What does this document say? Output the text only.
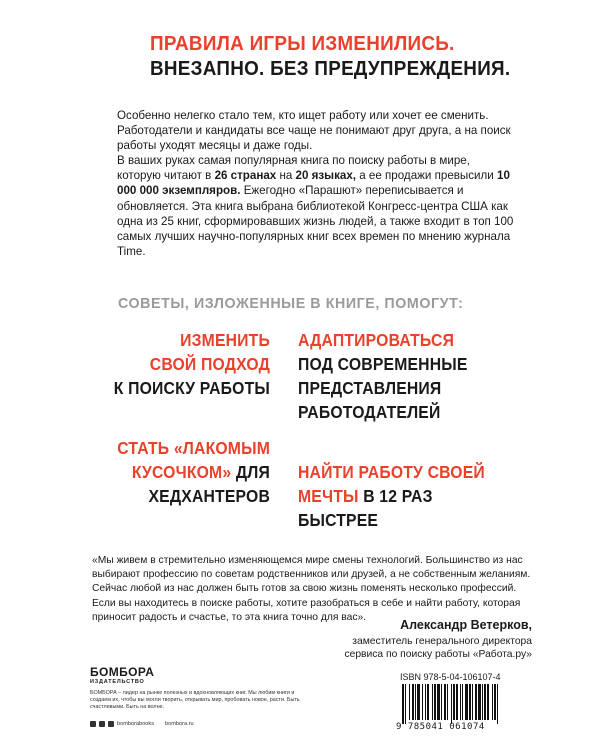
ПРАВИЛА ИГРЫ ИЗМЕНИЛИСЬ.
ВНЕЗАПНО. БЕЗ ПРЕДУПРЕЖДЕНИЯ.

Особенно нелегко стало тем, кто ищет работу или хочет ее сменить. Работодатели и кандидаты все чаще не понимают друг друга, а на поиск работы уходят месяцы и даже годы.

В ваших руках самая популярная книга по поиску работы в мире, которую читают в 26 странах на 20 языках, а ее продажи превысили 10 000 000 экземпляров. Ежегодно «Парашют» переписывается и обновляется. Эта книга выбрана библиотекой Конгресс-центра США как одна из 25 книг, сформировавших жизнь людей, а также входит в топ 100 самых лучших научно-популярных книг всех времен по мнению журнала Time.

СОВЕТЫ, ИЗЛОЖЕННЫЕ В КНИГЕ, ПОМОГУТ:
ИЗМЕНИТЬ
СВОЙ ПОДХОД
К ПОИСКУ РАБОТЫ
АДАПТИРОВАТЬСЯ
ПОД СОВРЕМЕННЫЕ
ПРЕДСТАВЛЕНИЯ
РАБОТОДАТЕЛЕЙ
СТАТЬ «ЛАКОМЫМ
КУСОЧКОМ» ДЛЯ
ХЕДХАНТЕРОВ
НАЙТИ РАБОТУ СВОЕЙ
МЕЧТЫ В 12 РАЗ
БЫСТРЕЕ
«Мы живем в стремительно изменяющемся мире смены технологий. Большинство из нас выбирают профессию по советам родственников или друзей, а не собственным желаниям. Сейчас любой из нас должен быть готов за свою жизнь поменять несколько профессий. Если вы находитесь в поиске работы, хотите разобраться в себе и найти работу, которая приносит радость и счастье, то эта книга точно для вас».
Александр Ветерков,
заместитель генерального директора
сервиса по поиску работы «Работа.ру»
БОМБОРА
ИЗДАТЕЛЬСТВО
БОМБОРА – лидер на рынке полезных и вдохновляющих книг. Мы любим книги и создаем их, чтобы вы могли творить, открывать мир, пробовать новое, расти. Быть счастливыми. Быть на волне.
bomborabooks bombora.ru
ISBN 978-5-04-106107-4
9 785041 061074
